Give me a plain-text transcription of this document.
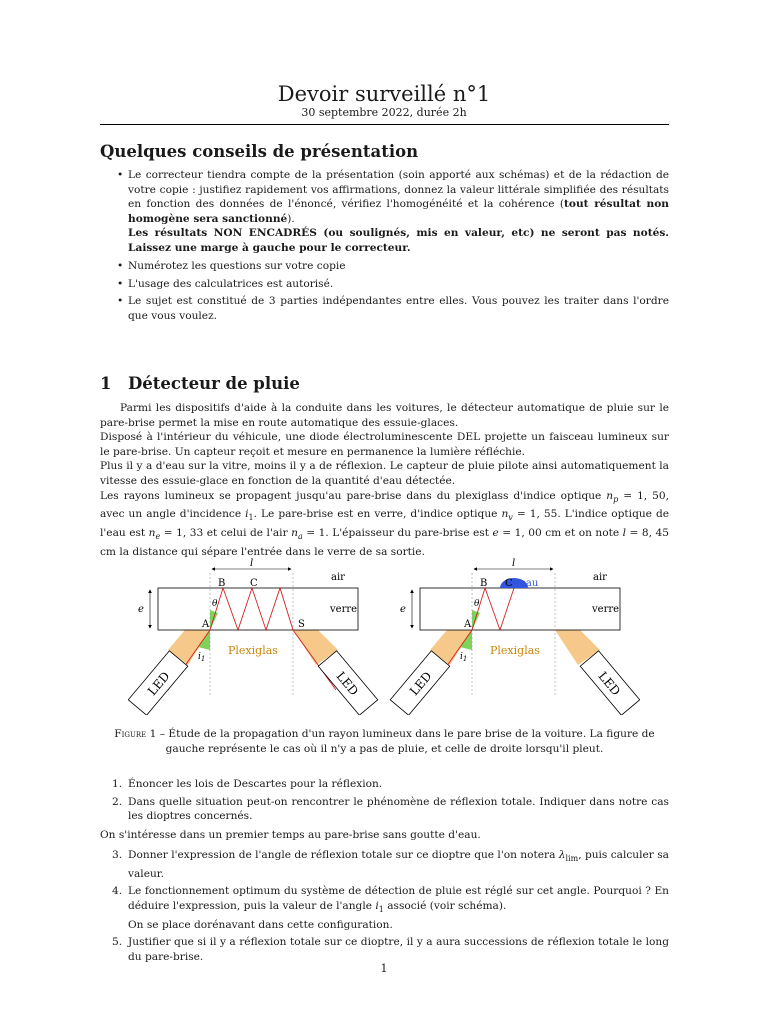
Devoir surveillé n°1
30 septembre 2022, durée 2h
Quelques conseils de présentation
• Le correcteur tiendra compte de la présentation (soin apporté aux schémas) et de la rédaction de votre copie : justifiez rapidement vos affirmations, donnez la valeur littérale simplifiée des résultats en fonction des données de l'énoncé, vérifiez l'homogénéité et la cohérence (tout résultat non homogène sera sanctionné).
Les résultats NON ENCADRÉS (ou soulignés, mis en valeur, etc) ne seront pas notés. Laissez une marge à gauche pour le correcteur.
• Numérotez les questions sur votre copie
• L'usage des calculatrices est autorisé.
• Le sujet est constitué de 3 parties indépendantes entre elles. Vous pouvez les traiter dans l'ordre que vous voulez.
1 Détecteur de pluie
Parmi les dispositifs d'aide à la conduite dans les voitures, le détecteur automatique de pluie sur le pare-brise permet la mise en route automatique des essuie-glaces.
Disposé à l'intérieur du véhicule, une diode électroluminescente DEL projette un faisceau lumineux sur le pare-brise. Un capteur reçoit et mesure en permanence la lumière réfléchie.
Plus il y a d'eau sur la vitre, moins il y a de réflexion. Le capteur de pluie pilote ainsi automatiquement la vitesse des essuie-glace en fonction de la quantité d'eau détectée.
Les rayons lumineux se propagent jusqu'au pare-brise dans du plexiglass d'indice optique $n_p = 1$, 50, avec un angle d'incidence $i_1$. Le pare-brise est en verre, d'indice optique $n_v = 1$, 55. L'indice optique de l'eau est $n_e = 1$, 33 et celui de l'air $n_a = 1$. L'épaisseur du pare-brise est e = 1, 00 cm et on note l = 8, 45 cm la distance qui sépare l'entrée dans le verre de sa sortie.
LED	LED
l
e
air
verre
Plexiglas
B C
A	S
θ
$i_1$
LED	LED
l
e
air
verre
Plexiglas
B C eau
A
θ
$i_1$
Figure 1 – Étude de la propagation d'un rayon lumineux dans le pare brise de la voiture. La figure de gauche représente le cas où il n'y a pas de pluie, et celle de droite lorsqu'il pleut.
1. Énoncer les lois de Descartes pour la réflexion.
2. Dans quelle situation peut-on rencontrer le phénomène de réflexion totale. Indiquer dans notre cas les dioptres concernés.
On s'intéresse dans un premier temps au pare-brise sans goutte d'eau.
3. Donner l'expression de l'angle de réflexion totale sur ce dioptre que l'on notera $\lambda_{lim}$, puis calculer sa valeur.
4. Le fonctionnement optimum du système de détection de pluie est réglé sur cet angle. Pourquoi ? En déduire l'expression, puis la valeur de l'angle $i_1$ associé (voir schéma).
On se place dorénavant dans cette configuration.
5. Justifier que si il y a réflexion totale sur ce dioptre, il y a aura successions de réflexion totale le long du pare-brise.
1
